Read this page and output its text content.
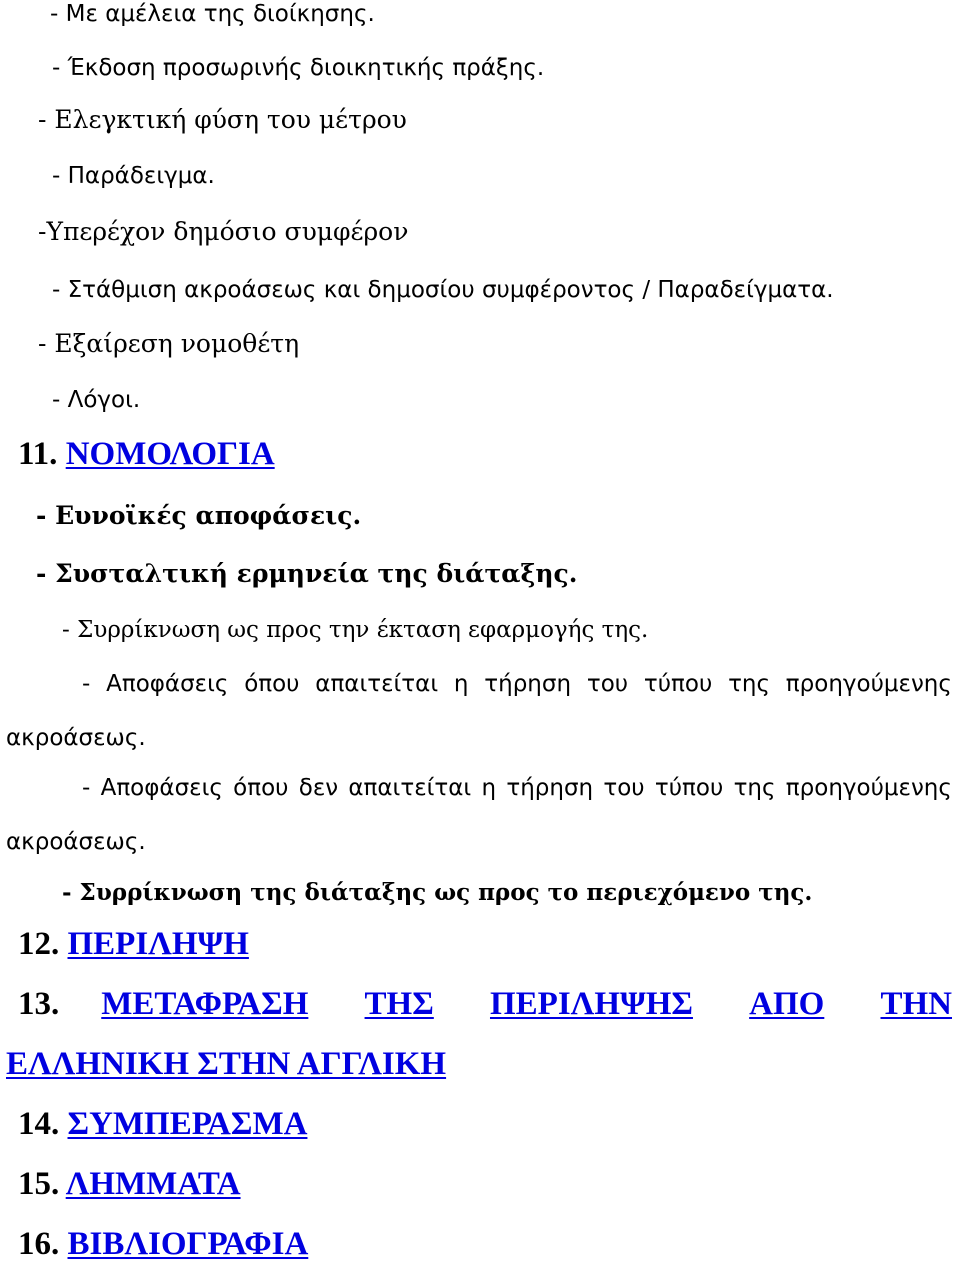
- Με αμέλεια της διοίκησης.
- Έκδοση προσωρινής διοικητικής πράξης.
- Ελεγκτική φύση του μέτρου
- Παράδειγμα.
-Υπερέχον δημόσιο συμφέρον
- Στάθμιση ακροάσεως και δημοσίου συμφέροντος / Παραδείγματα.
- Εξαίρεση νομοθέτη
- Λόγοι.
11. ΝΟΜΟΛΟΓΙΑ
- Ευνοϊκές αποφάσεις.
- Συσταλτική ερμηνεία της διάταξης.
- Συρρίκνωση ως προς την έκταση εφαρμογής της.
- Αποφάσεις όπου απαιτείται η τήρηση του τύπου της προηγούμενης
ακροάσεως.
- Αποφάσεις όπου δεν απαιτείται η τήρηση του τύπου της προηγούμενης
ακροάσεως.
- Συρρίκνωση της διάταξης ως προς το περιεχόμενο της.
12. ΠΕΡΙΛΗΨΗ
13. ΜΕΤΑΦΡΑΣΗ ΤΗΣ ΠΕΡΙΛΗΨΗΣ ΑΠΟ ΤΗΝ
ΕΛΛΗΝΙΚΗ ΣΤΗΝ ΑΓΓΛΙΚΗ
14. ΣΥΜΠΕΡΑΣΜΑ
15. ΛΗΜΜΑΤΑ
16. ΒΙΒΛΙΟΓΡΑΦΙΑ
